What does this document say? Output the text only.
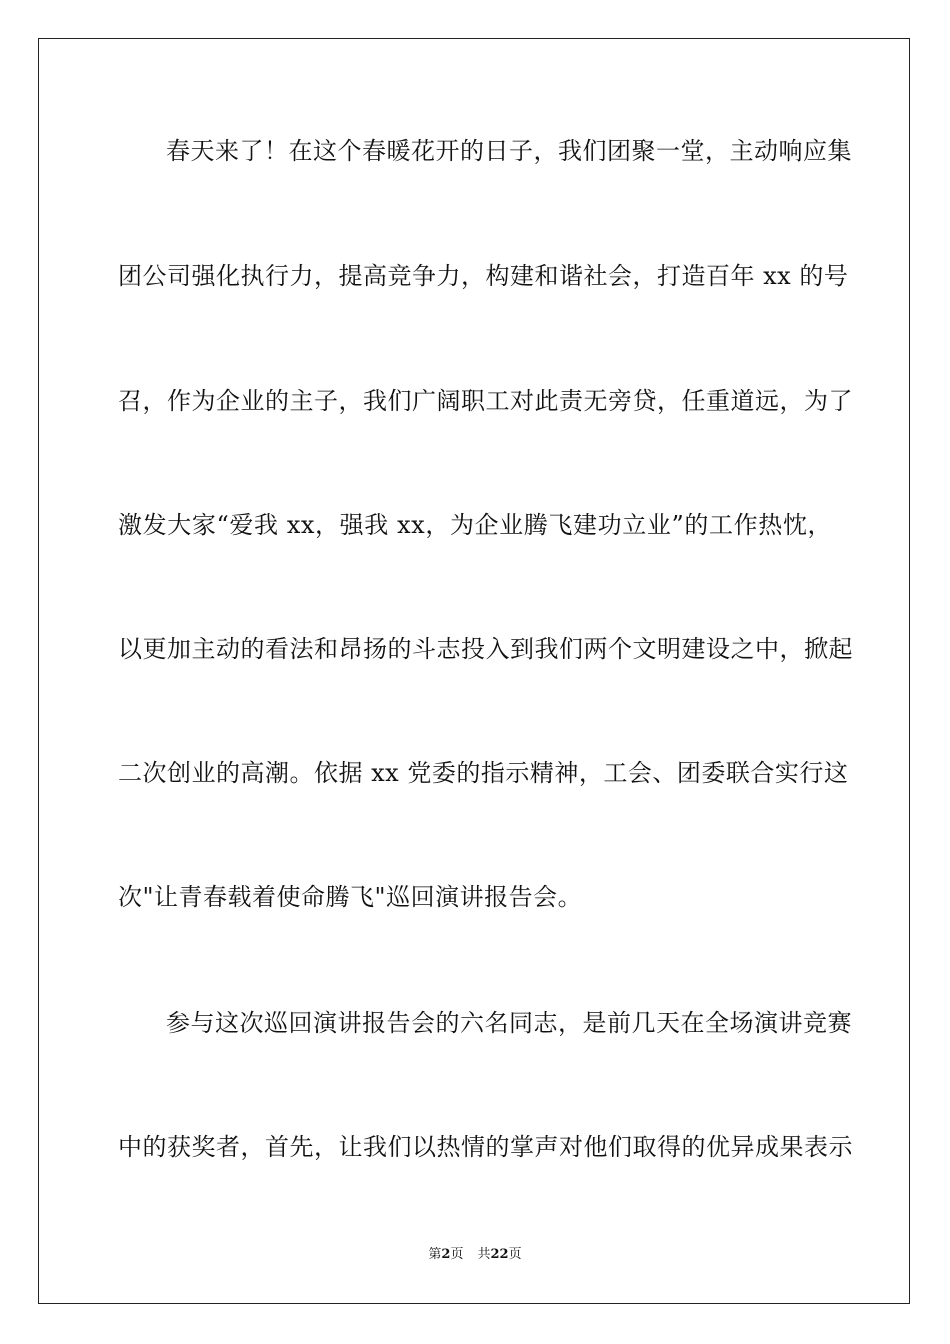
春天来了！在这个春暖花开的日子，我们团聚一堂，主动响应集
团公司强化执行力，提高竞争力，构建和谐社会，打造百年 xx 的号
召，作为企业的主子，我们广阔职工对此责无旁贷，任重道远，为了
激发大家“爱我 xx，强我 xx，为企业腾飞建功立业”的工作热忱，
以更加主动的看法和昂扬的斗志投入到我们两个文明建设之中，掀起
二次创业的高潮。依据 xx 党委的指示精神，工会、团委联合实行这
次"让青春载着使命腾飞"巡回演讲报告会。
参与这次巡回演讲报告会的六名同志，是前几天在全场演讲竞赛
中的获奖者，首先，让我们以热情的掌声对他们取得的优异成果表示
第2页 共22页
